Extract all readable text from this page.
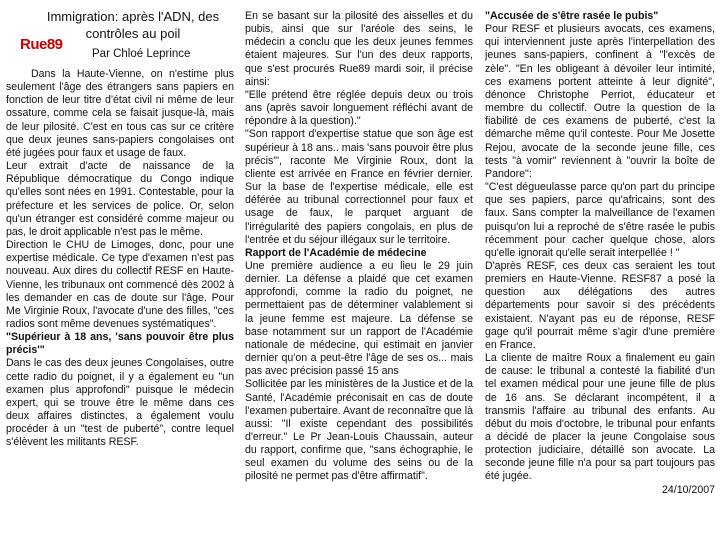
Immigration: après l'ADN, des contrôles au poil
Rue89
Par Chloé Leprince

Dans la Haute-Vienne, on n'estime plus seulement l'âge des étrangers sans papiers en fonction de leur titre d'état civil ni même de leur ossature, comme cela se faisait jusque-là, mais de leur pilosité. C'est en tous cas sur ce critère que deux jeunes sans-papiers congolaises ont été jugées pour faux et usage de faux.

Leur extrait d'acte de naissance de la République démocratique du Congo indique qu'elles sont nées en 1991. Contestable, pour la préfecture et les services de police. Or, selon qu'un étranger est considéré comme majeur ou pas, le droit applicable n'est pas le même.

Direction le CHU de Limoges, donc, pour une expertise médicale. Ce type d'examen n'est pas nouveau. Aux dires du collectif RESF en Haute-Vienne, les tribunaux ont commencé dès 2002 à les demander en cas de doute sur l'âge. Pour Me Virginie Roux, l'avocate d'une des filles, "ces radios sont même devenues systématiques".

"Supérieur à 18 ans, 'sans pouvoir être plus précis'"

Dans le cas des deux jeunes Congolaises, outre cette radio du poignet, il y a également eu "un examen plus approfondi" puisque le médecin expert, qui se trouve être le même dans ces deux affaires distinctes, a également voulu procéder à un "test de puberté", contre lequel s'élèvent les militants RESF.

En se basant sur la pilosité des aisselles et du pubis, ainsi que sur l'aréole des seins, le médecin a conclu que les deux jeunes femmes étaient majeures. Sur l'un des deux rapports, que s'est procurés Rue89 mardi soir, il précise ainsi:

"Elle prétend être réglée depuis deux ou trois ans (après savoir longuement réfléchi avant de répondre à la question)."

"Son rapport d'expertise statue que son âge est supérieur à 18 ans.. mais 'sans pouvoir être plus précis'", raconte Me Virginie Roux, dont la cliente est arrivée en France en février dernier. Sur la base de l'expertise médicale, elle est déférée au tribunal correctionnel pour faux et usage de faux, le parquet arguant de l'irrégularité des papiers congolais, en plus de l'entrée et du séjour illégaux sur le territoire.

Rapport de l'Académie de médecine

Une première audience a eu lieu le 29 juin dernier. La défense a plaidé que cet examen approfondi, comme la radio du poignet, ne permettaient pas de déterminer valablement si la jeune femme est majeure. La défense se base notamment sur un rapport de l'Académie nationale de médecine, qui estimait en janvier dernier qu'on a peut-être l'âge de ses os... mais pas avec précision passé 15 ans

Sollicitée par les ministères de la Justice et de la Santé, l'Académie préconisait en cas de doute l'examen pubertaire. Avant de reconnaître que là aussi: "Il existe cependant des possibilités d'erreur." Le Pr Jean-Louis Chaussain, auteur du rapport, confirme que, "sans échographie, le seul examen du volume des seins ou de la pilosité ne permet pas d'être affirmatif".

"Accusée de s'être rasée le pubis"

Pour RESF et plusieurs avocats, ces examens, qui interviennent juste après l'interpellation des jeunes sans-papiers, confinent à "l'excès de zèle". "En les obligeant à dévoiler leur intimité, ces examens portent atteinte à leur dignité", dénonce Christophe Perriot, éducateur et membre du collectif. Outre la question de la fiabilité de ces examens de puberté, c'est la démarche même qu'il conteste. Pour Me Josette Rejou, avocate de la seconde jeune fille, ces tests "à vomir" reviennent à "ouvrir la boîte de Pandore":

"C'est dégueulasse parce qu'on part du principe que ses papiers, parce qu'africains, sont des faux. Sans compter la malveillance de l'examen puisqu'on lui a reproché de s'être rasée le pubis récemment pour cacher quelque chose, alors qu'elle ignorait qu'elle serait interpellée ! "

D'après RESF, ces deux cas seraient les tout premiers en Haute-Vienne. RESF87 a posé la question aux délégations des autres départements pour savoir si des précédents existaient. N'ayant pas eu de réponse, RESF gage qu'il pourrait même s'agir d'une première en France.

La cliente de maître Roux a finalement eu gain de cause: le tribunal a contesté la fiabilité d'un tel examen médical pour une jeune fille de plus de 16 ans. Se déclarant incompétent, il a transmis l'affaire au tribunal des enfants. Au début du mois d'octobre, le tribunal pour enfants a décidé de placer la jeune Congolaise sous protection judiciaire, détaillé son avocate. La seconde jeune fille n'a pour sa part toujours pas été jugée.

24/10/2007
